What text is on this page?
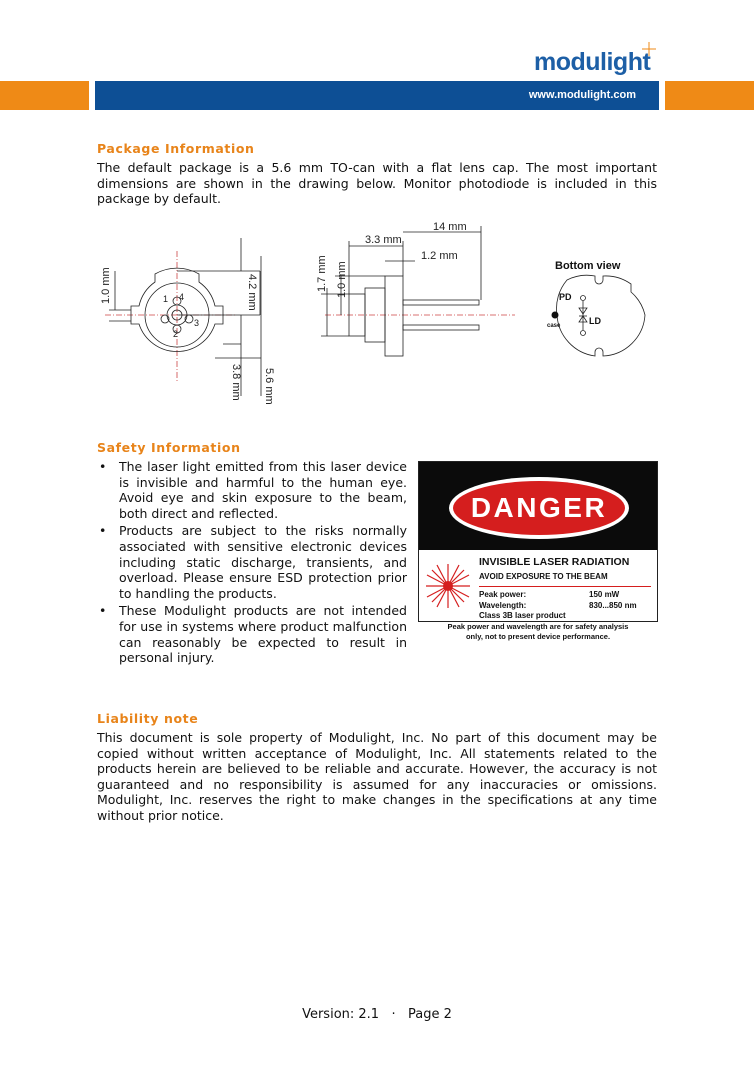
modulight
www.modulight.com
Package Information

The default package is a 5.6 mm TO-can with a flat lens cap. The most important dimensions are shown in the drawing below. Monitor photodiode is included in this package by default.

1.0 mm	4.2 mm
3.8 mm 5.6 mm
1
2
3
4
3.3 mm
14 mm
1.2 mm
1.7 mm 1.0 mm	Bottom view
PD
LD
case
Safety Information
• The laser light emitted from this laser device is invisible and harmful to the human eye. Avoid eye and skin exposure to the beam, both direct and reflected.
• Products are subject to the risks normally associated with sensitive electronic devices including static discharge, transients, and overload. Please ensure ESD protection prior to handling the products.
• These Modulight products are not intended for use in systems where product malfunction can reasonably be expected to result in personal injury.
DANGER
INVISIBLE LASER RADIATION
AVOID EXPOSURE TO THE BEAM
Peak power:	150 mW
Wavelength:	830...850 nm
Class 3B laser product
Peak power and wavelength are for safety analysis
only, not to present device performance.
Liability note

This document is sole property of Modulight, Inc. No part of this document may be copied without written acceptance of Modulight, Inc. All statements related to the products herein are believed to be reliable and accurate. However, the accuracy is not guaranteed and no responsibility is assumed for any inaccuracies or omissions. Modulight, Inc. reserves the right to make changes in the specifications at any time without prior notice.

Version: 2.1 · Page 2
